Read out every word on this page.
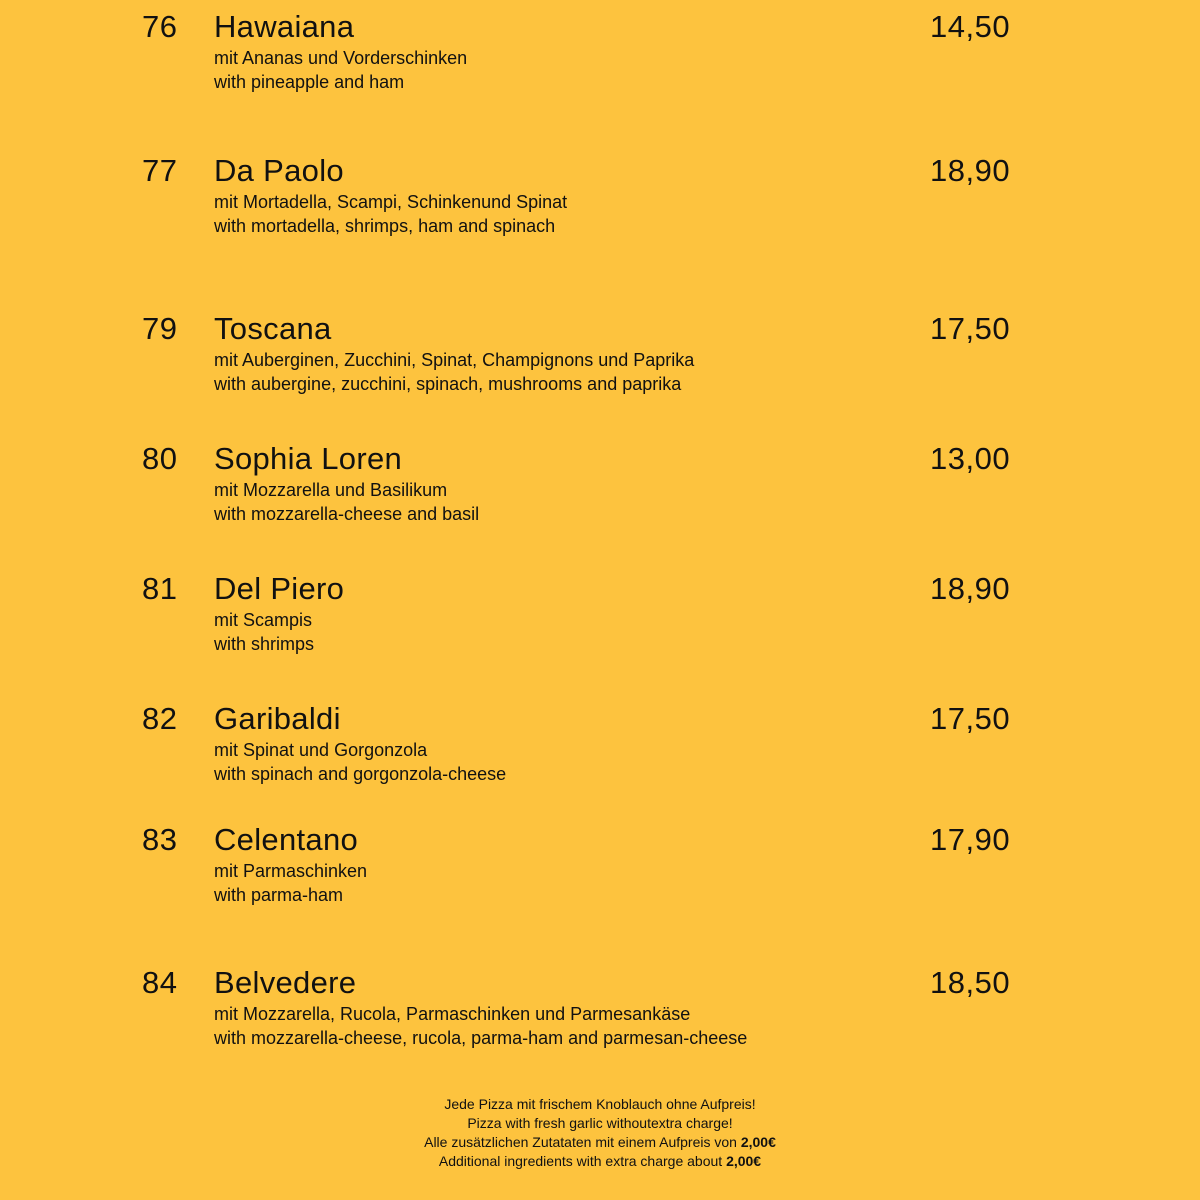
76 Hawaiana	14,50
mit Ananas und Vorderschinken
with pineapple and ham
77 Da Paolo	18,90
mit Mortadella, Scampi, Schinkenund Spinat
with mortadella, shrimps, ham and spinach
79 Toscana	17,50
mit Auberginen, Zucchini, Spinat, Champignons und Paprika
with aubergine, zucchini, spinach, mushrooms and paprika
80 Sophia Loren	13,00
mit Mozzarella und Basilikum
with mozzarella-cheese and basil
81 Del Piero	18,90
mit Scampis
with shrimps
82 Garibaldi	17,50
mit Spinat und Gorgonzola
with spinach and gorgonzola-cheese
83 Celentano	17,90
mit Parmaschinken
with parma-ham
84 Belvedere	18,50
mit Mozzarella, Rucola, Parmaschinken und Parmesankäse
with mozzarella-cheese, rucola, parma-ham and parmesan-cheese
Jede Pizza mit frischem Knoblauch ohne Aufpreis!
Pizza with fresh garlic withoutextra charge!
Alle zusätzlichen Zutataten mit einem Aufpreis von 2,00€
Additional ingredients with extra charge about 2,00€
